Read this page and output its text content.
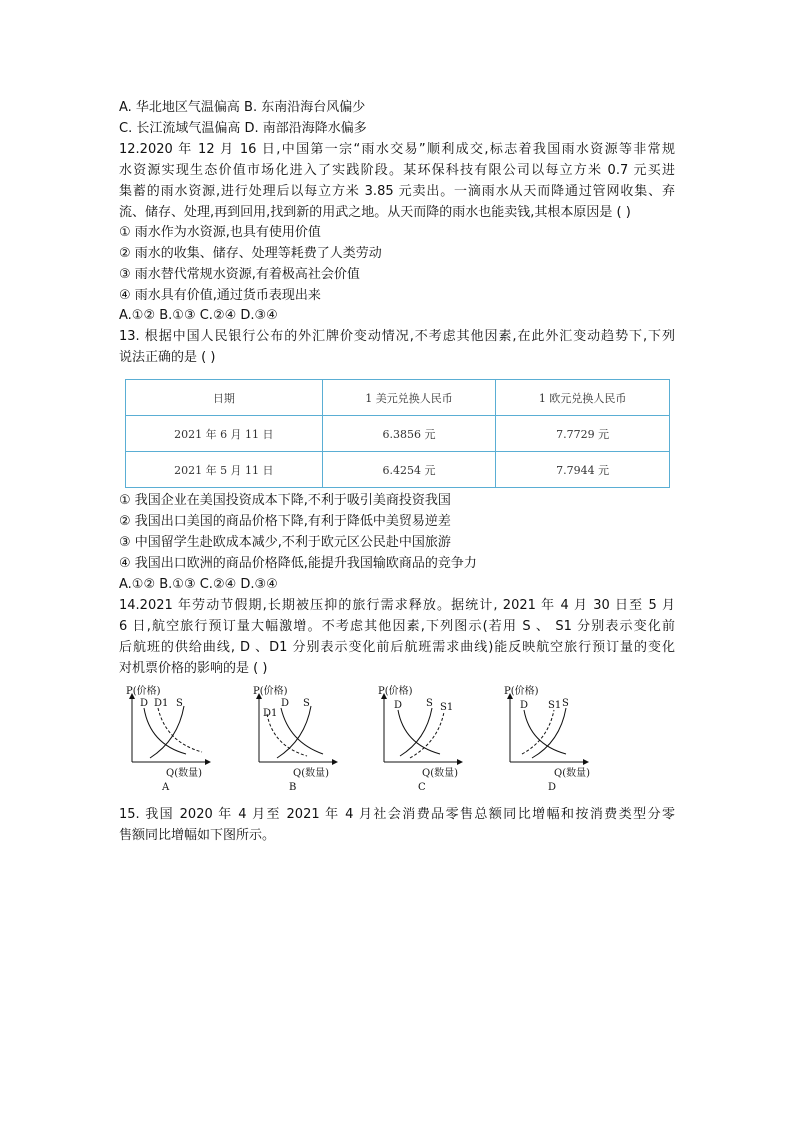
A. 华北地区气温偏高 B. 东南沿海台风偏少
C. 长江流域气温偏高 D. 南部沿海降水偏多
12.2020 年 12 月 16 日,中国第一宗“雨水交易”顺利成交,标志着我国雨水资源等非常规
水资源实现生态价值市场化进入了实践阶段。某环保科技有限公司以每立方米 0.7 元买进
集蓄的雨水资源,进行处理后以每立方米 3.85 元卖出。一滴雨水从天而降通过管网收集、弃
流、储存、处理,再到回用,找到新的用武之地。从天而降的雨水也能卖钱,其根本原因是 ( )
① 雨水作为水资源,也具有使用价值
② 雨水的收集、储存、处理等耗费了人类劳动
③ 雨水替代常规水资源,有着极高社会价值
④ 雨水具有价值,通过货币表现出来
A.①② B.①③ C.②④ D.③④
13. 根据中国人民银行公布的外汇牌价变动情况,不考虑其他因素,在此外汇变动趋势下,下列
说法正确的是 ( )
日期	1 美元兑换人民币	1 欧元兑换人民币
2021 年 6 月 11 日	6.3856 元	7.7729 元
2021 年 5 月 11 日	6.4254 元	7.7944 元
① 我国企业在美国投资成本下降,不利于吸引美商投资我国
② 我国出口美国的商品价格下降,有利于降低中美贸易逆差
③ 中国留学生赴欧成本减少,不利于欧元区公民赴中国旅游
④ 我国出口欧洲的商品价格降低,能提升我国输欧商品的竞争力
A.①② B.①③ C.②④ D.③④
14.2021 年劳动节假期,长期被压抑的旅行需求释放。据统计, 2021 年 4 月 30 日至 5 月
6 日,航空旅行预订量大幅激增。不考虑其他因素,下列图示(若用 S 、 S1 分别表示变化前
后航班的供给曲线, D 、D1 分别表示变化前后航班需求曲线)能反映航空旅行预订量的变化
对机票价格的影响的是 ( )
P(价格)
Q(数量)
D D1 S
A
P(价格)
Q(数量)
D1
D S
B
P(价格)
Q(数量)
D S S1
C
P(价格)
Q(数量)
D S1 S
D
15. 我国 2020 年 4 月至 2021 年 4 月社会消费品零售总额同比增幅和按消费类型分零
售额同比增幅如下图所示。
